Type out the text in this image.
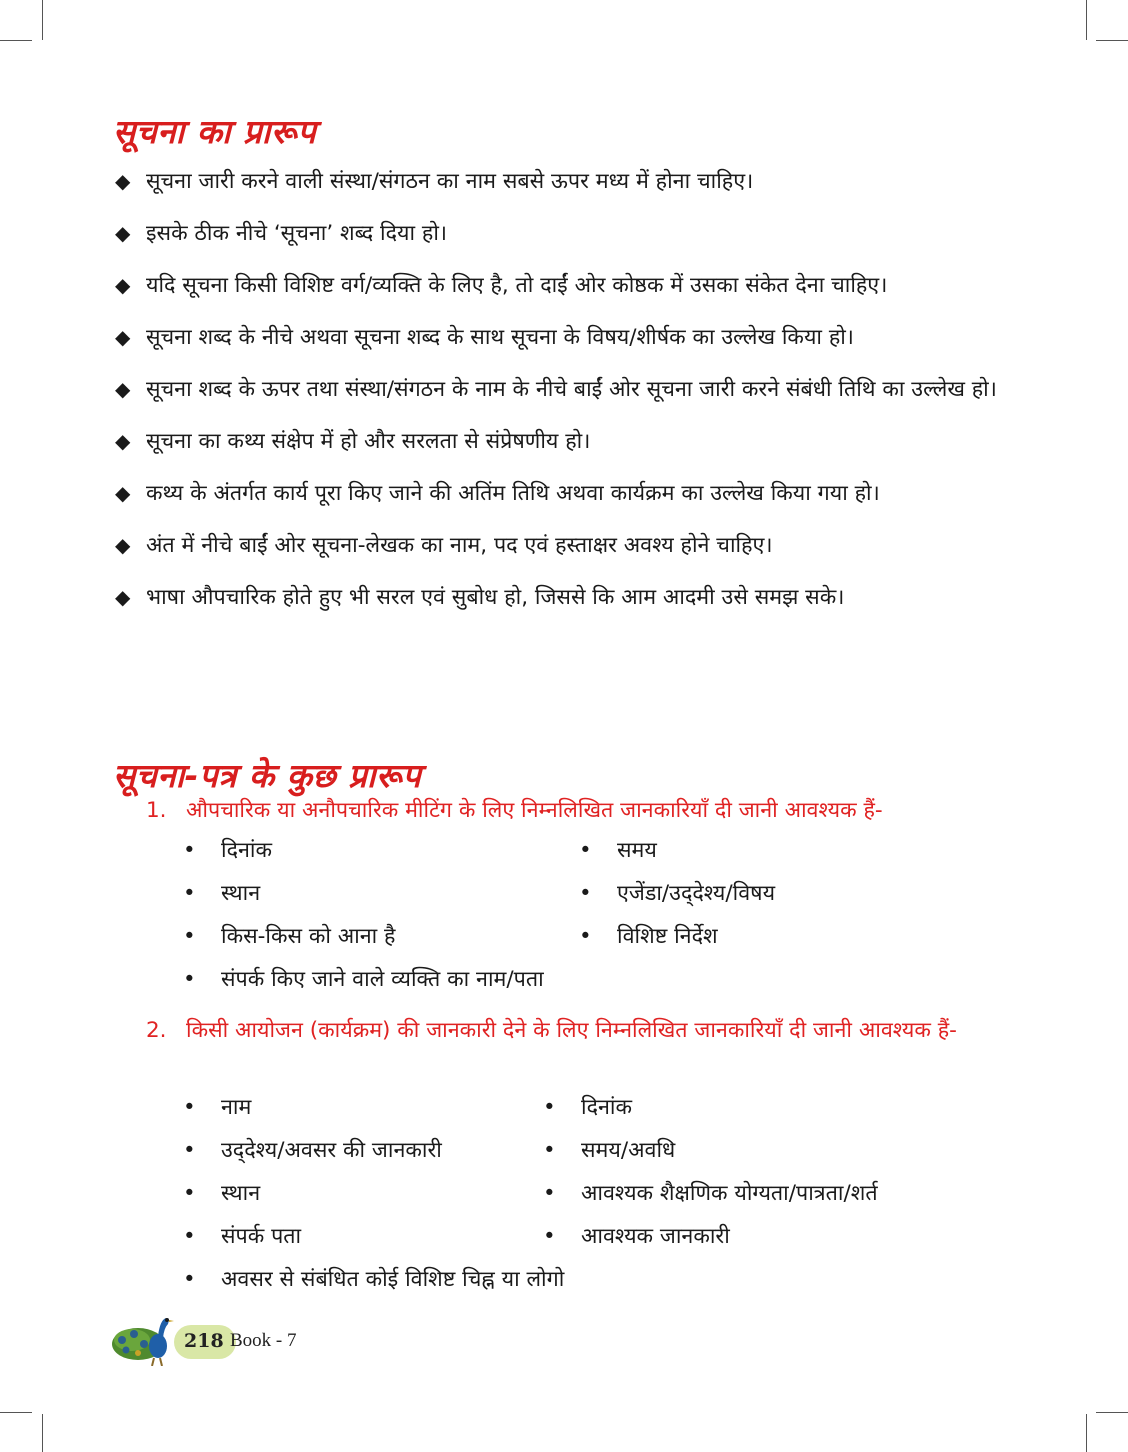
सूचना का प्रारूप
◆ सूचना जारी करने वाली संस्था/संगठन का नाम सबसे ऊपर मध्य में होना चाहिए।
◆ इसके ठीक नीचे ‘सूचना’ शब्द दिया हो।
◆ यदि सूचना किसी विशिष्ट वर्ग/व्यक्ति के लिए है, तो दाईं ओर कोष्ठक में उसका संकेत देना चाहिए।
◆ सूचना शब्द के नीचे अथवा सूचना शब्द के साथ सूचना के विषय/शीर्षक का उल्लेख किया हो।
◆ सूचना शब्द के ऊपर तथा संस्था/संगठन के नाम के नीचे बाईं ओर सूचना जारी करने संबंधी तिथि का उल्लेख हो।
◆ सूचना का कथ्य संक्षेप में हो और सरलता से संप्रेषणीय हो।
◆ कथ्य के अंतर्गत कार्य पूरा किए जाने की अतिंम तिथि अथवा कार्यक्रम का उल्लेख किया गया हो।
◆ अंत में नीचे बाईं ओर सूचना-लेखक का नाम, पद एवं हस्ताक्षर अवश्य होने चाहिए।
◆ भाषा औपचारिक होते हुए भी सरल एवं सुबोध हो, जिससे कि आम आदमी उसे समझ सके।
सूचना-पत्र के कुछ प्रारूप

1. औपचारिक या अनौपचारिक मीटिंग के लिए निम्नलिखित जानकारियाँ दी जानी आवश्यक हैं-

• दिनांक	• समय
• स्थान	• एजेंडा/उद्‌देश्य/विषय
• किस-किस को आना है	• विशिष्ट निर्देश
• संपर्क किए जाने वाले व्यक्ति का नाम/पता

2. किसी आयोजन (कार्यक्रम) की जानकारी देने के लिए निम्नलिखित जानकारियाँ दी जानी आवश्यक हैं-

• नाम	• दिनांक
• उद्‌देश्य/अवसर की जानकारी	• समय/अवधि
• स्थान	• आवश्यक शैक्षणिक योग्यता/पात्रता/शर्त
• संपर्क पता	• आवश्यक जानकारी
• अवसर से संबंधित कोई विशिष्ट चिह्न या लोगो
218 Book - 7
